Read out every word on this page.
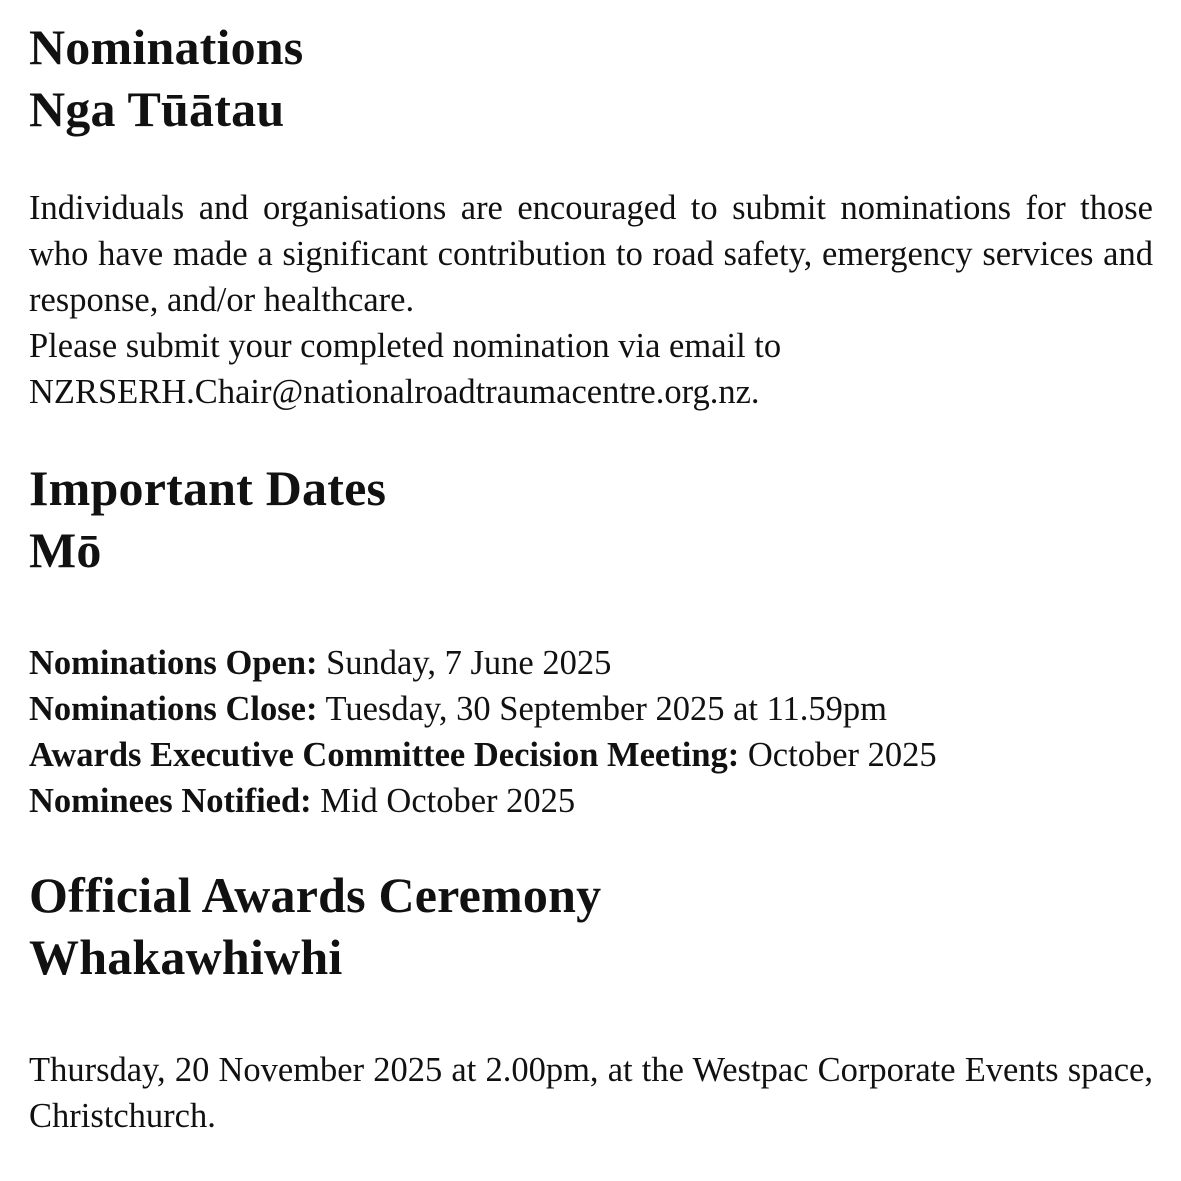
Nominations
Nga Tūātau
Individuals and organisations are encouraged to submit nominations for those who have made a significant contribution to road safety, emergency services and response, and/or healthcare.
Please submit your completed nomination via email to
NZRSERH.Chair@nationalroadtraumacentre.org.nz.
Important Dates
Mō
Nominations Open: Sunday, 7 June 2025
Nominations Close: Tuesday, 30 September 2025 at 11.59pm
Awards Executive Committee Decision Meeting: October 2025
Nominees Notified: Mid October 2025
Official Awards Ceremony
Whakawhiwhi

Thursday, 20 November 2025 at 2.00pm, at the Westpac Corporate Events space, Christchurch.
